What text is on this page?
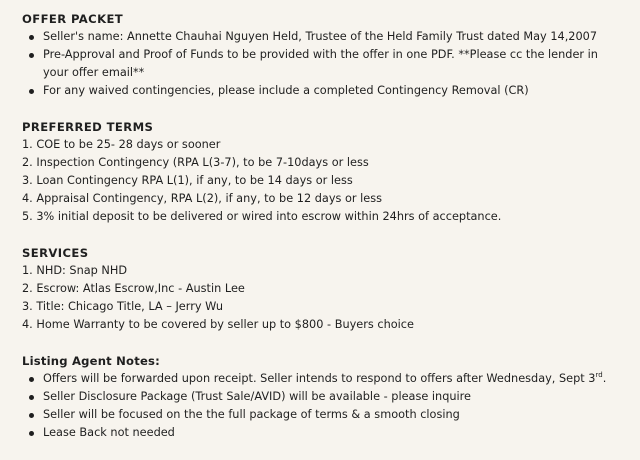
OFFER PACKET
Seller's name: Annette Chauhai Nguyen Held, Trustee of the Held Family Trust dated May 14,2007
Pre-Approval and Proof of Funds to be provided with the offer in one PDF. **Please cc the lender in your offer email**
For any waived contingencies, please include a completed Contingency Removal (CR)
PREFERRED TERMS
1. COE to be 25- 28 days or sooner
2. Inspection Contingency (RPA L(3-7), to be 7-10days or less
3. Loan Contingency RPA L(1), if any, to be 14 days or less
4. Appraisal Contingency, RPA L(2), if any, to be 12 days or less
5. 3% initial deposit to be delivered or wired into escrow within 24hrs of acceptance.
SERVICES
1. NHD: Snap NHD
2. Escrow: Atlas Escrow,Inc - Austin Lee
3. Title: Chicago Title, LA – Jerry Wu
4. Home Warranty to be covered by seller up to $800 - Buyers choice
Listing Agent Notes:
Offers will be forwarded upon receipt. Seller intends to respond to offers after Wednesday, Sept 3rd.
Seller Disclosure Package (Trust Sale/AVID) will be available - please inquire
Seller will be focused on the the full package of terms & a smooth closing
Lease Back not needed
